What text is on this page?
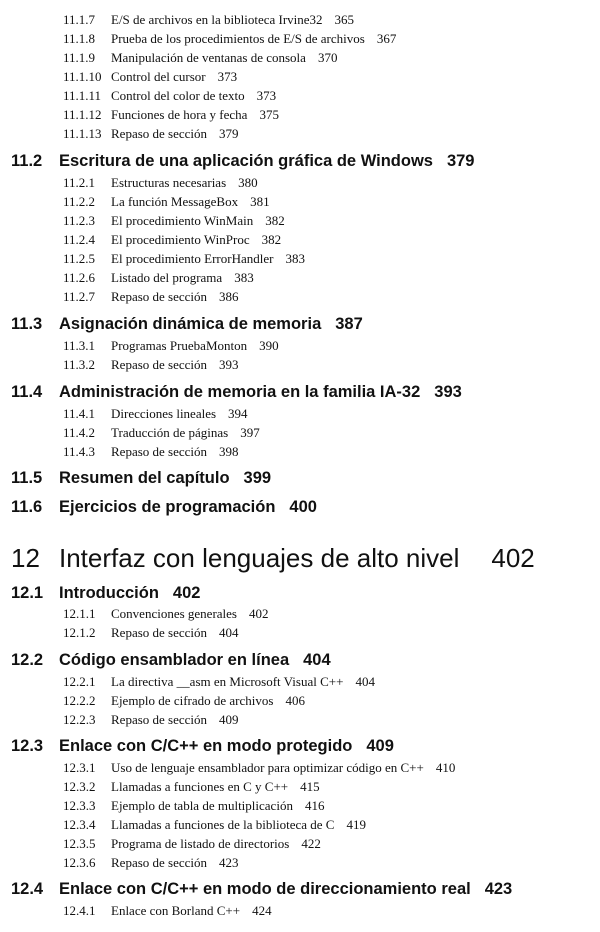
11.1.7 E/S de archivos en la biblioteca Irvine32 365
11.1.8 Prueba de los procedimientos de E/S de archivos 367
11.1.9 Manipulación de ventanas de consola 370
11.1.10 Control del cursor 373
11.1.11 Control del color de texto 373
11.1.12 Funciones de hora y fecha 375
11.1.13 Repaso de sección 379
11.2 Escritura de una aplicación gráfica de Windows 379
11.2.1 Estructuras necesarias 380
11.2.2 La función MessageBox 381
11.2.3 El procedimiento WinMain 382
11.2.4 El procedimiento WinProc 382
11.2.5 El procedimiento ErrorHandler 383
11.2.6 Listado del programa 383
11.2.7 Repaso de sección 386
11.3 Asignación dinámica de memoria 387
11.3.1 Programas PruebaMonton 390
11.3.2 Repaso de sección 393
11.4 Administración de memoria en la familia IA-32 393
11.4.1 Direcciones lineales 394
11.4.2 Traducción de páginas 397
11.4.3 Repaso de sección 398
11.5 Resumen del capítulo 399
11.6 Ejercicios de programación 400
12 Interfaz con lenguajes de alto nivel 402
12.1 Introducción 402
12.1.1 Convenciones generales 402
12.1.2 Repaso de sección 404
12.2 Código ensamblador en línea 404
12.2.1 La directiva __asm en Microsoft Visual C++ 404
12.2.2 Ejemplo de cifrado de archivos 406
12.2.3 Repaso de sección 409
12.3 Enlace con C/C++ en modo protegido 409
12.3.1 Uso de lenguaje ensamblador para optimizar código en C++ 410
12.3.2 Llamadas a funciones en C y C++ 415
12.3.3 Ejemplo de tabla de multiplicación 416
12.3.4 Llamadas a funciones de la biblioteca de C 419
12.3.5 Programa de listado de directorios 422
12.3.6 Repaso de sección 423
12.4 Enlace con C/C++ en modo de direccionamiento real 423
12.4.1 Enlace con Borland C++ 424
